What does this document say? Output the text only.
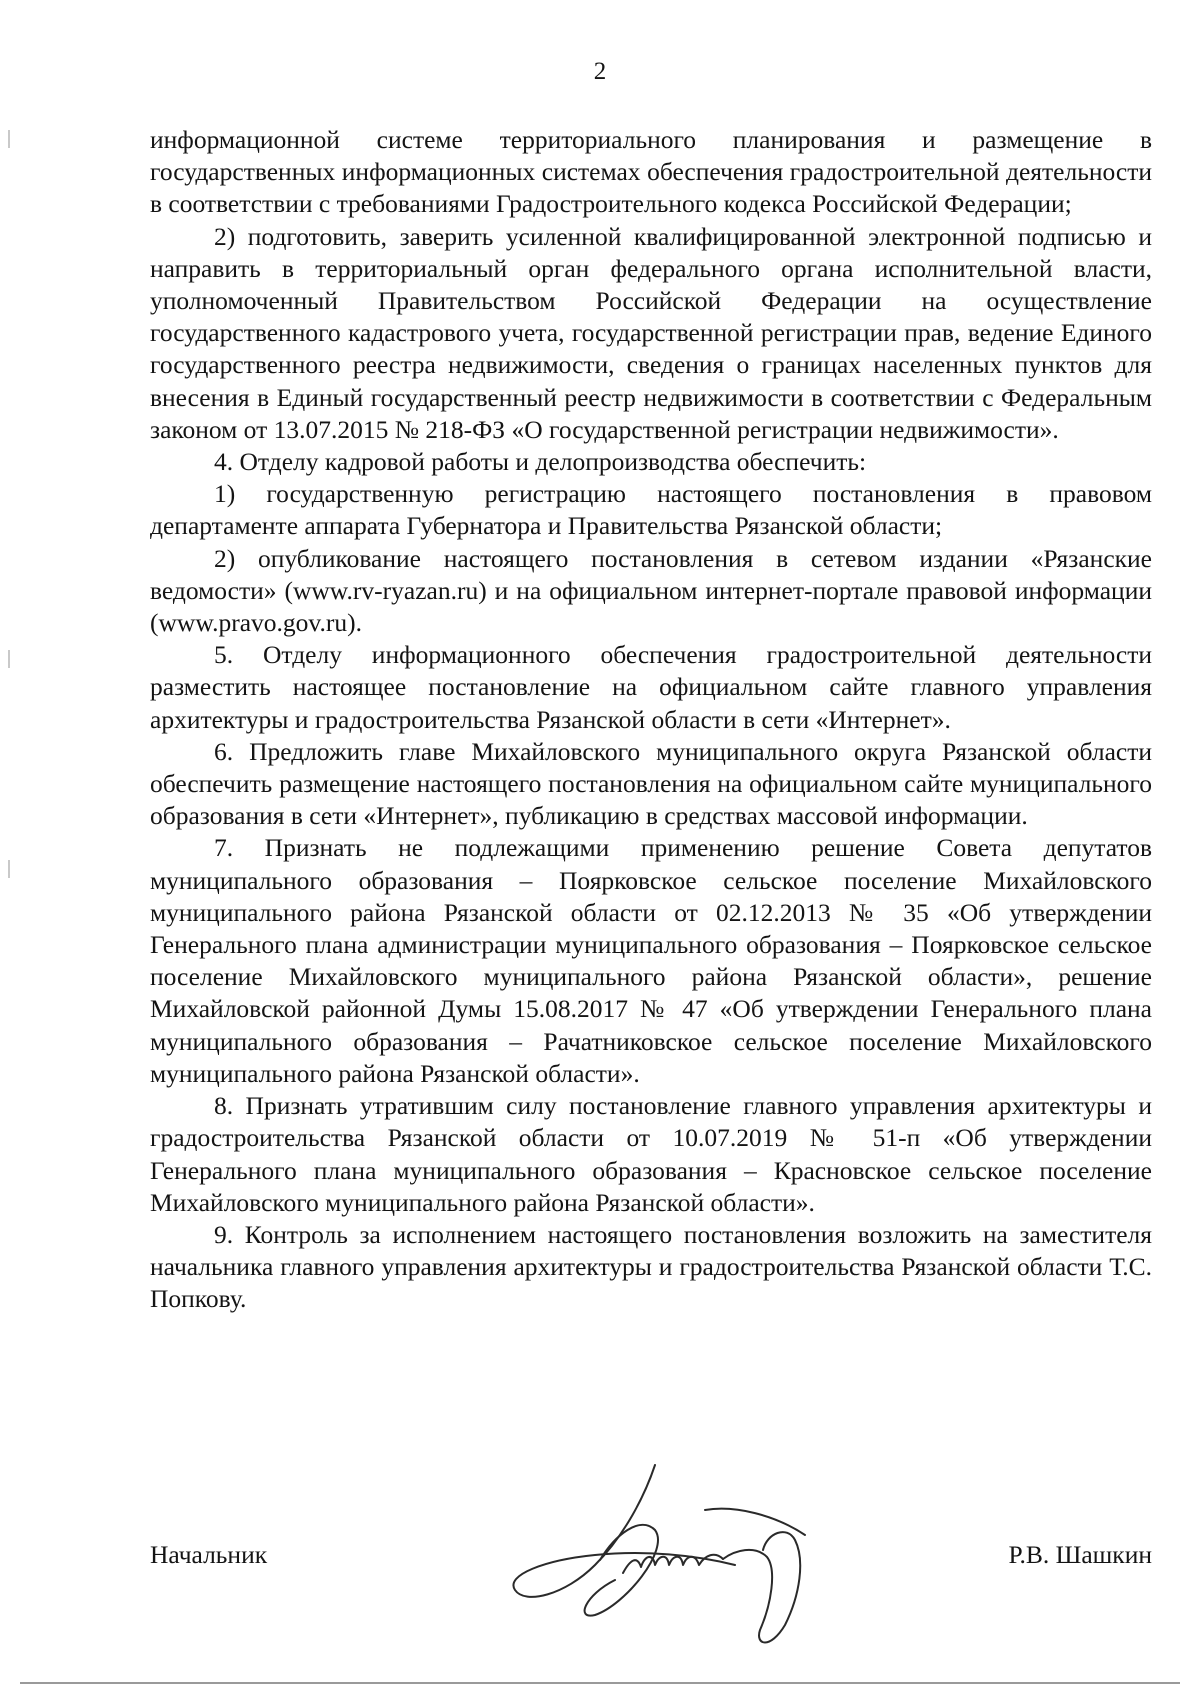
2

информационной системе территориального планирования и размещение в государственных информационных системах обеспечения градостроительной деятельности в соответствии с требованиями Градостроительного кодекса Российской Федерации;

2) подготовить, заверить усиленной квалифицированной электронной подписью и направить в территориальный орган федерального органа исполнительной власти, уполномоченный Правительством Российской Федерации на осуществление государственного кадастрового учета, государственной регистрации прав, ведение Единого государственного реестра недвижимости, сведения о границах населенных пунктов для внесения в Единый государственный реестр недвижимости в соответствии с Федеральным законом от 13.07.2015 № 218-ФЗ «О государственной регистрации недвижимости».

4. Отделу кадровой работы и делопроизводства обеспечить:

1) государственную регистрацию настоящего постановления в правовом департаменте аппарата Губернатора и Правительства Рязанской области;

2) опубликование настоящего постановления в сетевом издании «Рязанские ведомости» (www.rv-ryazan.ru) и на официальном интернет-портале правовой информации (www.pravo.gov.ru).

5. Отделу информационного обеспечения градостроительной деятельности разместить настоящее постановление на официальном сайте главного управления архитектуры и градостроительства Рязанской области в сети «Интернет».

6. Предложить главе Михайловского муниципального округа Рязанской области обеспечить размещение настоящего постановления на официальном сайте муниципального образования в сети «Интернет», публикацию в средствах массовой информации.

7. Признать не подлежащими применению решение Совета депутатов муниципального образования – Поярковское сельское поселение Михайловского муниципального района Рязанской области от 02.12.2013 № 35 «Об утверждении Генерального плана администрации муниципального образования – Поярковское сельское поселение Михайловского муниципального района Рязанской области», решение Михайловской районной Думы 15.08.2017 № 47 «Об утверждении Генерального плана муниципального образования – Рачатниковское сельское поселение Михайловского муниципального района Рязанской области».

8. Признать утратившим силу постановление главного управления архитектуры и градостроительства Рязанской области от 10.07.2019 № 51-п «Об утверждении Генерального плана муниципального образования – Красновское сельское поселение Михайловского муниципального района Рязанской области».

9. Контроль за исполнением настоящего постановления возложить на заместителя начальника главного управления архитектуры и градостроительства Рязанской области Т.С. Попкову.

Начальник	Р.В. Шашкин
